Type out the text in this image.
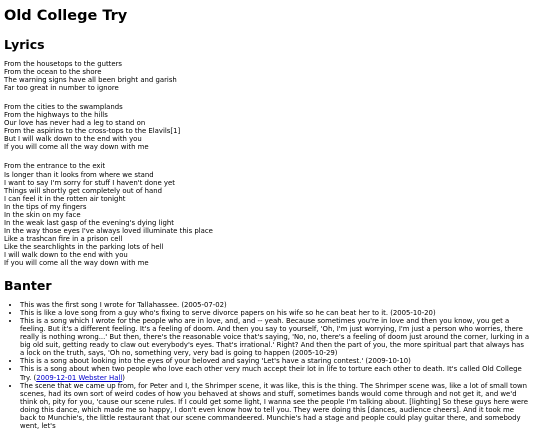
Old College Try
Lyrics
From the housetops to the gutters
From the ocean to the shore
The warning signs have all been bright and garish
Far too great in number to ignore
From the cities to the swamplands
From the highways to the hills
Our love has never had a leg to stand on
From the aspirins to the cross-tops to the Elavils[1]
But I will walk down to the end with you
If you will come all the way down with me
From the entrance to the exit
Is longer than it looks from where we stand
I want to say I'm sorry for stuff I haven't done yet
Things will shortly get completely out of hand
I can feel it in the rotten air tonight
In the tips of my fingers
In the skin on my face
In the weak last gasp of the evening's dying light
In the way those eyes I've always loved illuminate this place
Like a trashcan fire in a prison cell
Like the searchlights in the parking lots of hell
I will walk down to the end with you
If you will come all the way down with me
Banter
• This was the first song I wrote for Tallahassee. (2005-07-02)
• This is like a love song from a guy who's fixing to serve divorce papers on his wife so he can beat her to it. (2005-10-20)
• This is a song which I wrote for the people who are in love, and, and -- yeah. Because sometimes you're in love and then you know, you get a feeling. But it's a different feeling. It's a feeling of doom. And then you say to yourself, 'Oh, I'm just worrying, I'm just a person who worries, there really is nothing wrong...' But then, there's the reasonable voice that's saying, 'No, no, there's a feeling of doom just around the corner, lurking in a big old suit, getting ready to claw out everybody's eyes. That's irrational.' Right? And then the part of you, the more spiritual part that always has a lock on the truth, says, 'Oh no, something very, very bad is going to happen (2005-10-29)
• This is a song about looking into the eyes of your beloved and saying 'Let's have a staring contest.' (2009-10-10)
• This is a song about when two people who love each other very much accept their lot in life to torture each other to death. It's called Old College Try. (2009-12-01 Webster Hall)
• The scene that we came up from, for Peter and I, the Shrimper scene, it was like, this is the thing. The Shrimper scene was, like a lot of small town scenes, had its own sort of weird codes of how you behaved at shows and stuff, sometimes bands would come through and not get it, and we'd think oh, pity for you, 'cause our scene rules. If I could get some light, I wanna see the people I'm talking about. [lighting] So these guys here were doing this dance, which made me so happy, I don't even know how to tell you. They were doing this [dances, audience cheers]. And it took me back to Munchie's, the little restaurant that our scene commandeered. Munchie's had a stage and people could play guitar there, and somebody went, let's
